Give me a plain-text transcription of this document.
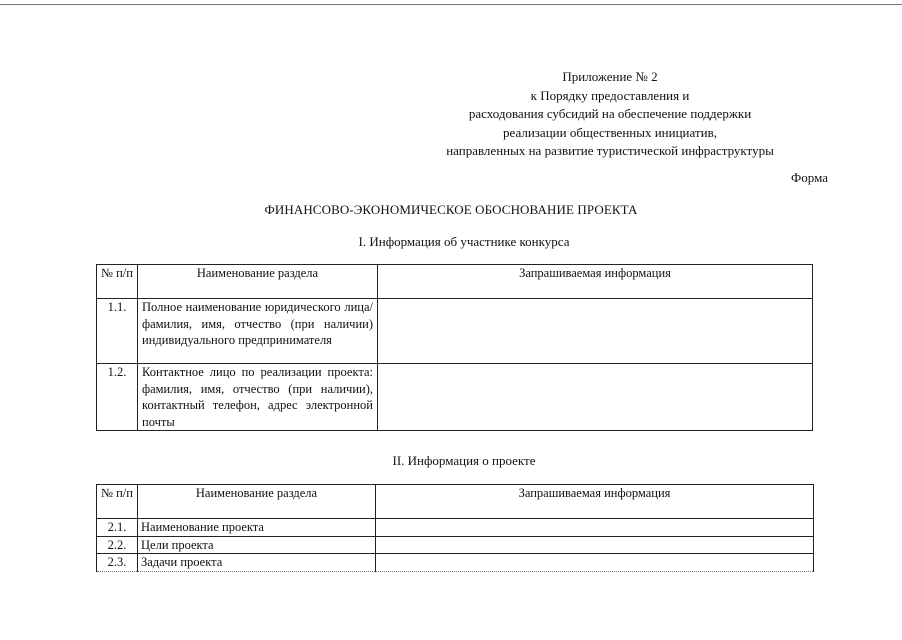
Приложение № 2
к Порядку предоставления и
расходования субсидий на обеспечение поддержки
реализации общественных инициатив,
направленных на развитие туристической инфраструктуры
Форма
ФИНАНСОВО-ЭКОНОМИЧЕСКОЕ ОБОСНОВАНИЕ ПРОЕКТА
I. Информация об участнике конкурса
№ п/п	Наименование раздела	Запрашиваемая информация
1.1.	Полное наименование юридического лица/фамилия, имя, отчество (при наличии) индивидуального предпринимателя	
1.2.	Контактное лицо по реализации проекта: фамилия, имя, отчество (при наличии), контактный телефон, адрес электронной почты	
II. Информация о проекте
№ п/п	Наименование раздела	Запрашиваемая информация
2.1.	Наименование проекта	
2.2.	Цели проекта	
2.3.	Задачи проекта	
